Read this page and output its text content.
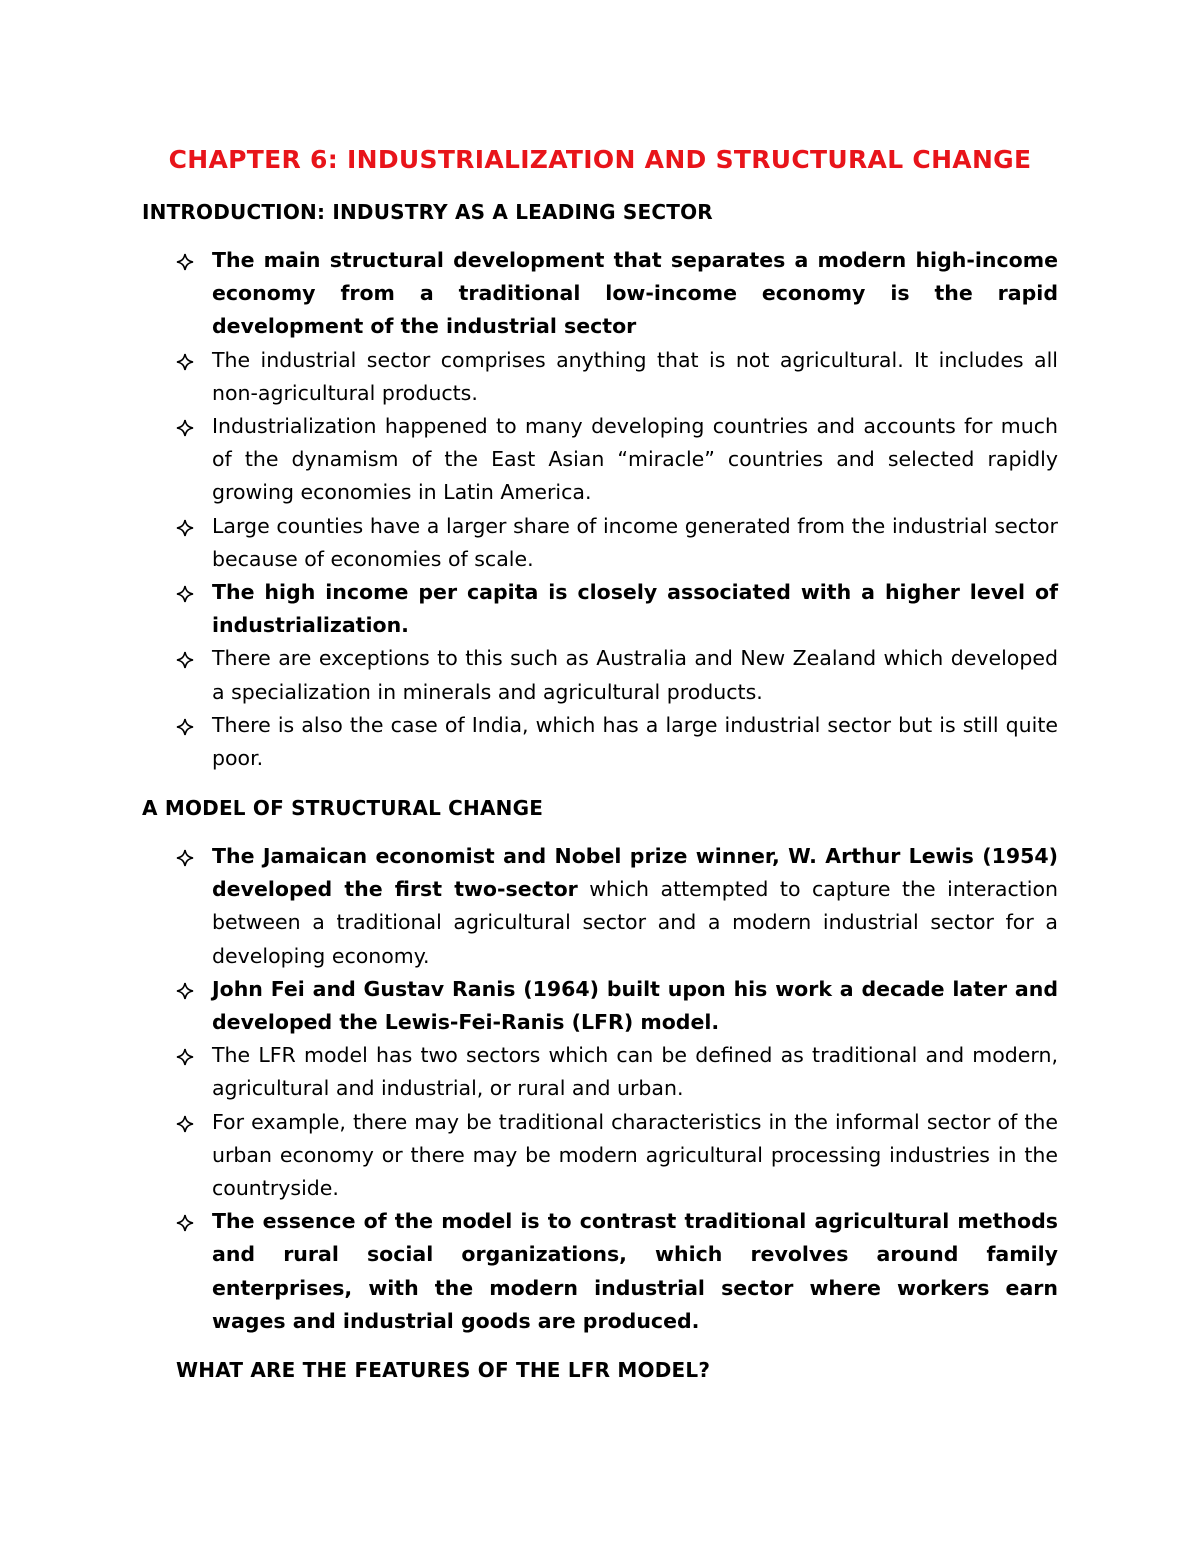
CHAPTER 6: INDUSTRIALIZATION AND STRUCTURAL CHANGE
INTRODUCTION: INDUSTRY AS A LEADING SECTOR
The main structural development that separates a modern high-income economy from a traditional low-income economy is the rapid development of the industrial sector
The industrial sector comprises anything that is not agricultural. It includes all non-agricultural products.
Industrialization happened to many developing countries and accounts for much of the dynamism of the East Asian “miracle” countries and selected rapidly growing economies in Latin America.
Large counties have a larger share of income generated from the industrial sector because of economies of scale.
The high income per capita is closely associated with a higher level of industrialization.
There are exceptions to this such as Australia and New Zealand which developed a specialization in minerals and agricultural products.
There is also the case of India, which has a large industrial sector but is still quite poor.
A MODEL OF STRUCTURAL CHANGE
The Jamaican economist and Nobel prize winner, W. Arthur Lewis (1954) developed the first two-sector which attempted to capture the interaction between a traditional agricultural sector and a modern industrial sector for a developing economy.
John Fei and Gustav Ranis (1964) built upon his work a decade later and developed the Lewis-Fei-Ranis (LFR) model.
The LFR model has two sectors which can be defined as traditional and modern, agricultural and industrial, or rural and urban.
For example, there may be traditional characteristics in the informal sector of the urban economy or there may be modern agricultural processing industries in the countryside.
The essence of the model is to contrast traditional agricultural methods and rural social organizations, which revolves around family enterprises, with the modern industrial sector where workers earn wages and industrial goods are produced.
WHAT ARE THE FEATURES OF THE LFR MODEL?
